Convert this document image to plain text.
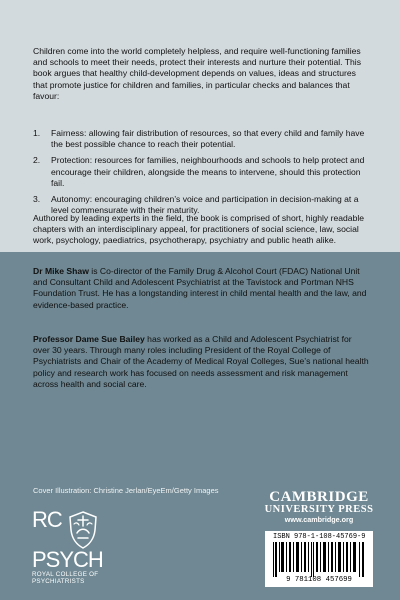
Children come into the world completely helpless, and require well-functioning families and schools to meet their needs, protect their interests and nurture their potential. This book argues that healthy child-development depends on values, ideas and structures that promote justice for children and families, in particular checks and balances that favour:
1.	Fairness: allowing fair distribution of resources, so that every child and family have the best possible chance to reach their potential.
2.	Protection: resources for families, neighbourhoods and schools to help protect and encourage their children, alongside the means to intervene, should this protection fail.
3.	Autonomy: encouraging children’s voice and participation in decision-making at a level commensurate with their maturity.
Authored by leading experts in the field, the book is comprised of short, highly readable chapters with an interdisciplinary appeal, for practitioners of social science, law, social work, psychology, paediatrics, psychotherapy, psychiatry and public heath alike.
Dr Mike Shaw is Co-director of the Family Drug & Alcohol Court (FDAC) National Unit and Consultant Child and Adolescent Psychiatrist at the Tavistock and Portman NHS Foundation Trust. He has a longstanding interest in child mental health and the law, and evidence-based practice.
Professor Dame Sue Bailey has worked as a Child and Adolescent Psychiatrist for over 30 years. Through many roles including President of the Royal College of Psychiatrists and Chair of the Academy of Medical Royal Colleges, Sue’s national health policy and research work has focused on needs assessment and risk management across health and social care.
Cover Illustration: Christine Jerlan/EyeEm/Getty Images
RC
PSYCH
ROYAL COLLEGE OF
PSYCHIATRISTS
CAMBRIDGE
UNIVERSITY PRESS
www.cambridge.org
ISBN 978-1-108-45769-9
9 781108 457699
